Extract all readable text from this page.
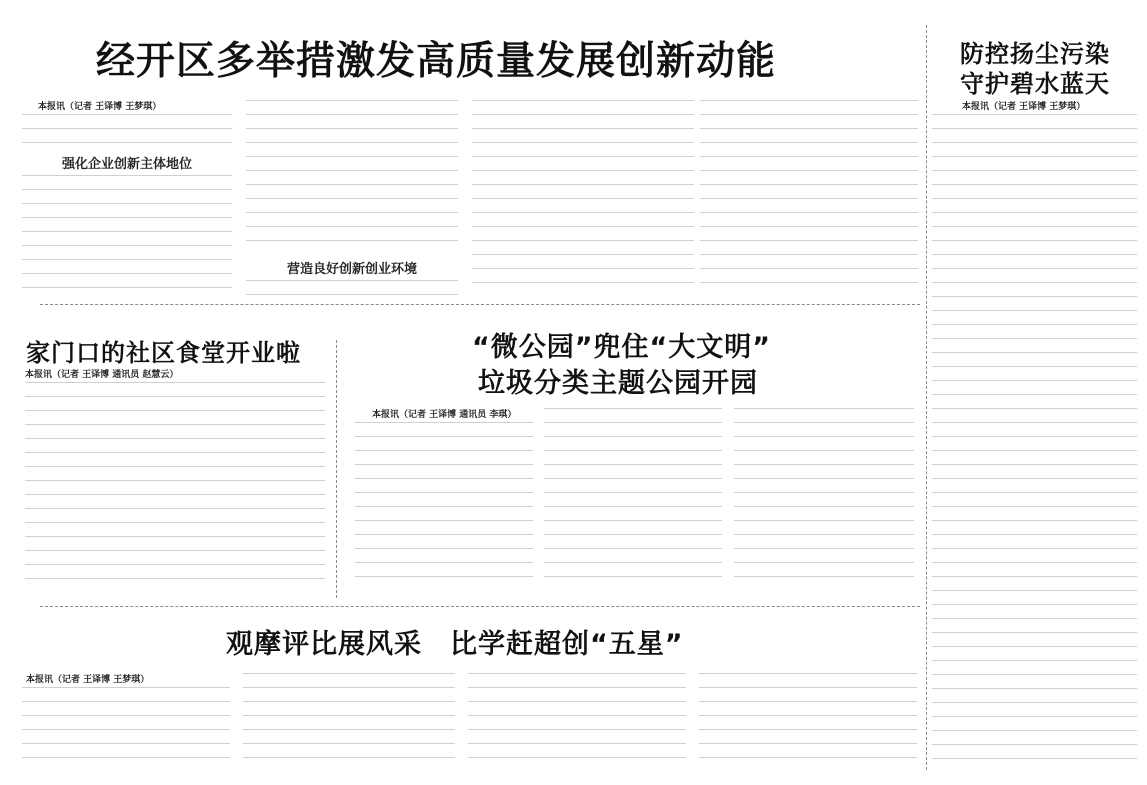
经开区多举措激发高质量发展创新动能
本报讯（记者 王译博 王梦琪）
强化企业创新主体地位
营造良好创新创业环境
防控扬尘污染
守护碧水蓝天
本报讯（记者 王译博 王梦琪）
家门口的社区食堂开业啦
本报讯（记者 王译博 通讯员 赵慧云）
“微公园”兜住“大文明”
垃圾分类主题公园开园
本报讯（记者 王译博 通讯员 李琪）
观摩评比展风采　比学赶超创“五星”
本报讯（记者 王译博 王梦琪）
